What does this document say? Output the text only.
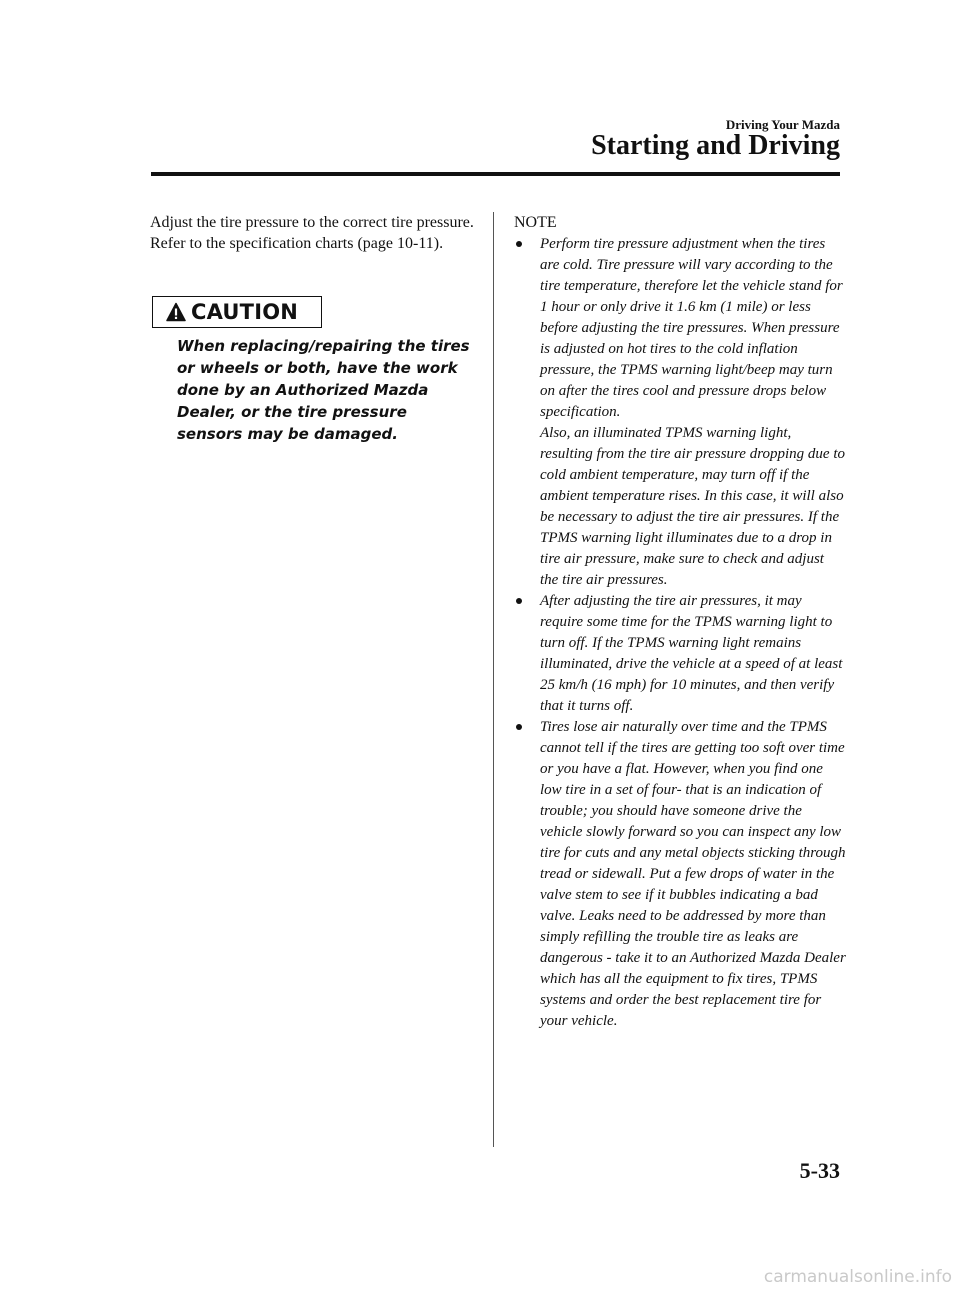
Driving Your Mazda
Starting and Driving

Adjust the tire pressure to the correct tire pressure. Refer to the specification charts (page 10-11).

CAUTION

When replacing/repairing the tires or wheels or both, have the work done by an Authorized Mazda Dealer, or the tire pressure sensors may be damaged.

NOTE
Perform tire pressure adjustment when the tires are cold. Tire pressure will vary according to the tire temperature, therefore let the vehicle stand for 1 hour or only drive it 1.6 km (1 mile) or less before adjusting the tire pressures. When pressure is adjusted on hot tires to the cold inflation pressure, the TPMS warning light/beep may turn on after the tires cool and pressure drops below specification.
Also, an illuminated TPMS warning light, resulting from the tire air pressure dropping due to cold ambient temperature, may turn off if the ambient temperature rises. In this case, it will also be necessary to adjust the tire air pressures. If the TPMS warning light illuminates due to a drop in tire air pressure, make sure to check and adjust the tire air pressures.
After adjusting the tire air pressures, it may require some time for the TPMS warning light to turn off. If the TPMS warning light remains illuminated, drive the vehicle at a speed of at least 25 km/h (16 mph) for 10 minutes, and then verify that it turns off.
Tires lose air naturally over time and the TPMS cannot tell if the tires are getting too soft over time or you have a flat. However, when you find one low tire in a set of four- that is an indication of trouble; you should have someone drive the vehicle slowly forward so you can inspect any low tire for cuts and any metal objects sticking through tread or sidewall. Put a few drops of water in the valve stem to see if it bubbles indicating a bad valve. Leaks need to be addressed by more than simply refilling the trouble tire as leaks are dangerous - take it to an Authorized Mazda Dealer which has all the equipment to fix tires, TPMS systems and order the best replacement tire for your vehicle.
5-33
carmanualsonline.info
